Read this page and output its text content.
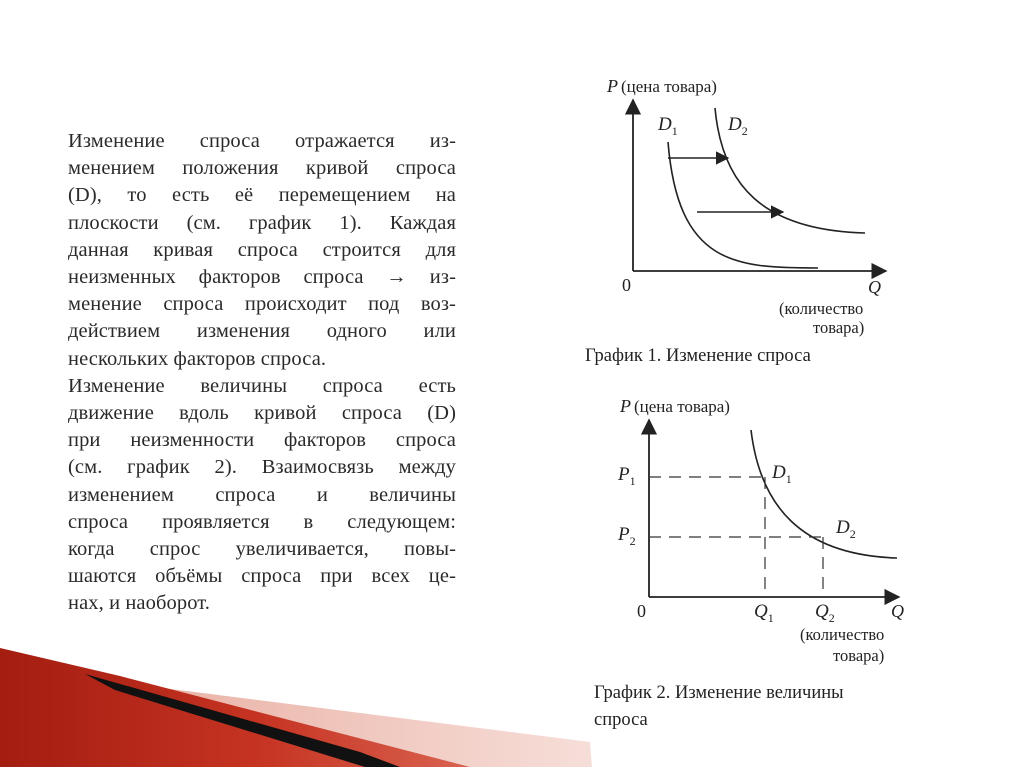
Изменение спроса отражается из-
менением положения кривой спроса
(D), то есть её перемещением на
плоскости (см. график 1). Каждая
данная кривая спроса строится для
неизменных факторов спроса → из-
менение спроса происходит под воз-
действием изменения одного или
нескольких факторов спроса.
Изменение величины спроса есть
движение вдоль кривой спроса (D)
при неизменности факторов спроса
(см. график 2). Взаимосвязь между
изменением спроса и величины
спроса проявляется в следующем:
когда спрос увеличивается, повы-
шаются объёмы спроса при всех це-
нах, и наоборот.
P (цена товара)
0	Q
(количество
товара)
$D_1$	$D_2$
График 1. Изменение спроса
P (цена товара)
0	Q
(количество
товара)
$P_1$
$P_2$
$Q_1$ $Q_2$
$D_1$
$D_2$
График 2. Изменение величины
спроса
